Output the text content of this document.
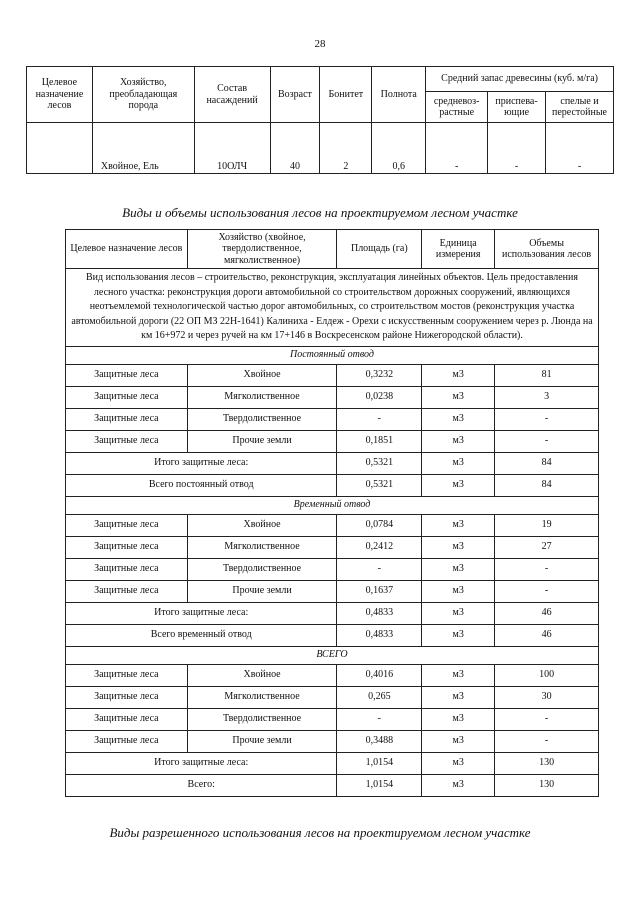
28
Целевое назначение лесов	Хозяйство, преобладающая порода	Состав насаждений	Возраст	Бонитет	Полнота	Средний запас древесины (куб. м/га)		
						средневоз-растные	приспева-ющие	спелые и перестойные
	Хвойное, Ель	10ОЛЧ	40	2	0,6	-	-	-
Виды и объемы использования лесов на проектируемом лесном участке
Целевое назначение лесов	Хозяйство (хвойное, твердолиственное, мягколиственное)	Площадь (га)	Единица измерения	Объемы использования лесов
Вид использования лесов – строительство, реконструкция, эксплуатация линейных объектов. Цель предоставления лесного участка: реконструкция дороги автомобильной со строительством дорожных сооружений, являющихся неотъемлемой технологической частью дорог автомобильных, со строительством мостов (реконструкция участка автомобильной дороги (22 ОП МЗ 22Н-1641) Калиниха - Елдеж - Орехи с искусственным сооружением через р. Люнда на км 16+972 и через ручей на км 17+146 в Воскресенском районе Нижегородской области).				
Постоянный отвод				
Защитные леса	Хвойное	0,3232	м3	81
Защитные леса	Мягколиственное	0,0238	м3	3
Защитные леса	Твердолиственное	-	м3	-
Защитные леса	Прочие земли	0,1851	м3	-
Итого защитные леса:		0,5321	м3	84
Всего постоянный отвод		0,5321	м3	84
Временный отвод				
Защитные леса	Хвойное	0,0784	м3	19
Защитные леса	Мягколиственное	0,2412	м3	27
Защитные леса	Твердолиственное	-	м3	-
Защитные леса	Прочие земли	0,1637	м3	-
Итого защитные леса:		0,4833	м3	46
Всего временный отвод		0,4833	м3	46
ВСЕГО				
Защитные леса	Хвойное	0,4016	м3	100
Защитные леса	Мягколиственное	0,265	м3	30
Защитные леса	Твердолиственное	-	м3	-
Защитные леса	Прочие земли	0,3488	м3	-
Итого защитные леса:		1,0154	м3	130
Всего:		1,0154	м3	130
Виды разрешенного использования лесов на проектируемом лесном участке
